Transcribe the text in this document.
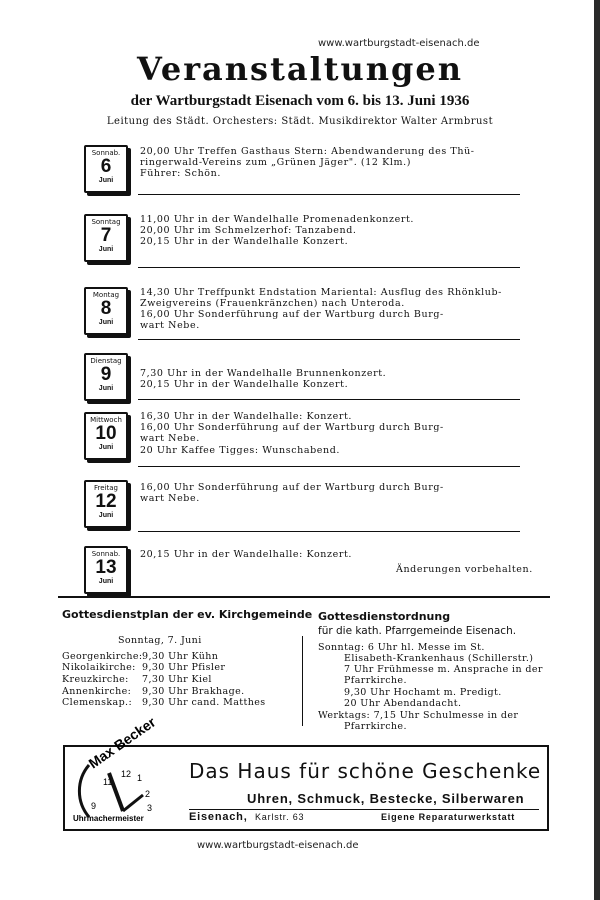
www.wartburgstadt-eisenach.de
Veranstaltungen
der Wartburgstadt Eisenach vom 6. bis 13. Juni 1936
Leitung des Städt. Orchesters: Städt. Musikdirektor Walter Armbrust
Sonnab.
6
Juni
20,00 Uhr Treffen Gasthaus Stern: Abendwanderung des Thü-
ringerwald-Vereins zum „Grünen Jäger". (12 Klm.)
Führer: Schön.
Sonntag
7
Juni
11,00 Uhr in der Wandelhalle Promenadenkonzert.
20,00 Uhr im Schmelzerhof: Tanzabend.
20,15 Uhr in der Wandelhalle Konzert.
Montag
8
Juni
14,30 Uhr Treffpunkt Endstation Mariental: Ausflug des Rhönklub-
Zweigvereins (Frauenkränzchen) nach Unteroda.
16,00 Uhr Sonderführung auf der Wartburg durch Burg-
wart Nebe.
Dienstag
9
Juni
7,30 Uhr in der Wandelhalle Brunnenkonzert.
20,15 Uhr in der Wandelhalle Konzert.
Mittwoch
10
Juni
16,30 Uhr in der Wandelhalle: Konzert.
16,00 Uhr Sonderführung auf der Wartburg durch Burg-
wart Nebe.
20 Uhr Kaffee Tigges: Wunschabend.
Freitag
12
Juni
16,00 Uhr Sonderführung auf der Wartburg durch Burg-
wart Nebe.
Sonnab.
13
Juni
20,15 Uhr in der Wandelhalle: Konzert.
Änderungen vorbehalten.
Gottesdienstplan der ev. Kirchgemeinde
Sonntag, 7. Juni
Georgenkirche: 9,30 Uhr Kühn
Nikolaikirche: 9,30 Uhr Pfisler
Kreuzkirche: 7,30 Uhr Kiel
Annenkirche: 9,30 Uhr Brakhage.
Clemenskap.: 9,30 Uhr cand. Matthes
Gottesdienstordnung
für die kath. Pfarrgemeinde Eisenach.
Sonntag: 6 Uhr hl. Messe im St.
Elisabeth-Krankenhaus (Schillerstr.)
7 Uhr Frühmesse m. Ansprache in der
Pfarrkirche.
9,30 Uhr Hochamt m. Predigt.
20 Uhr Abendandacht.
Werktags: 7,15 Uhr Schulmesse in der
Pfarrkirche.
Max Becker
11
12 1
2
9	3
Uhrmachermeister
Das Haus für schöne Geschenke
Uhren, Schmuck, Bestecke, Silberwaren
Eisenach, Karlstr. 63	Eigene Reparaturwerkstatt
www.wartburgstadt-eisenach.de
